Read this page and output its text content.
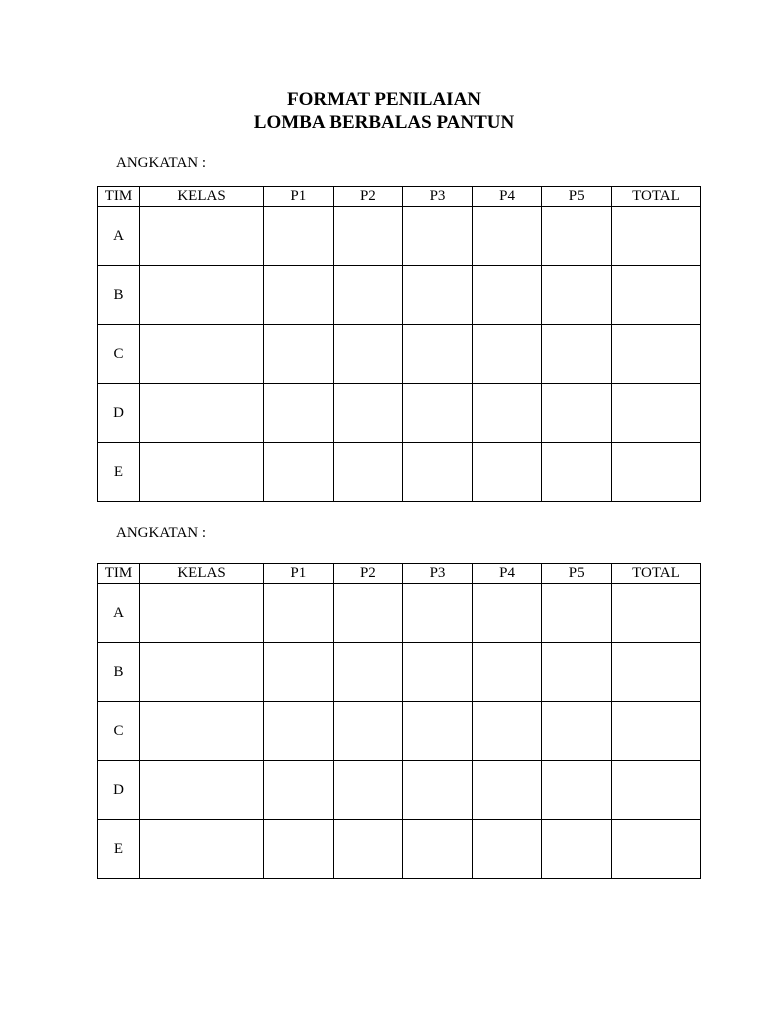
FORMAT PENILAIAN
LOMBA BERBALAS PANTUN
ANGKATAN :
TIM	KELAS	P1	P2	P3	P4	P5	TOTAL
A							
B							
C							
D							
E							
ANGKATAN :
TIM	KELAS	P1	P2	P3	P4	P5	TOTAL
A							
B							
C							
D							
E							
